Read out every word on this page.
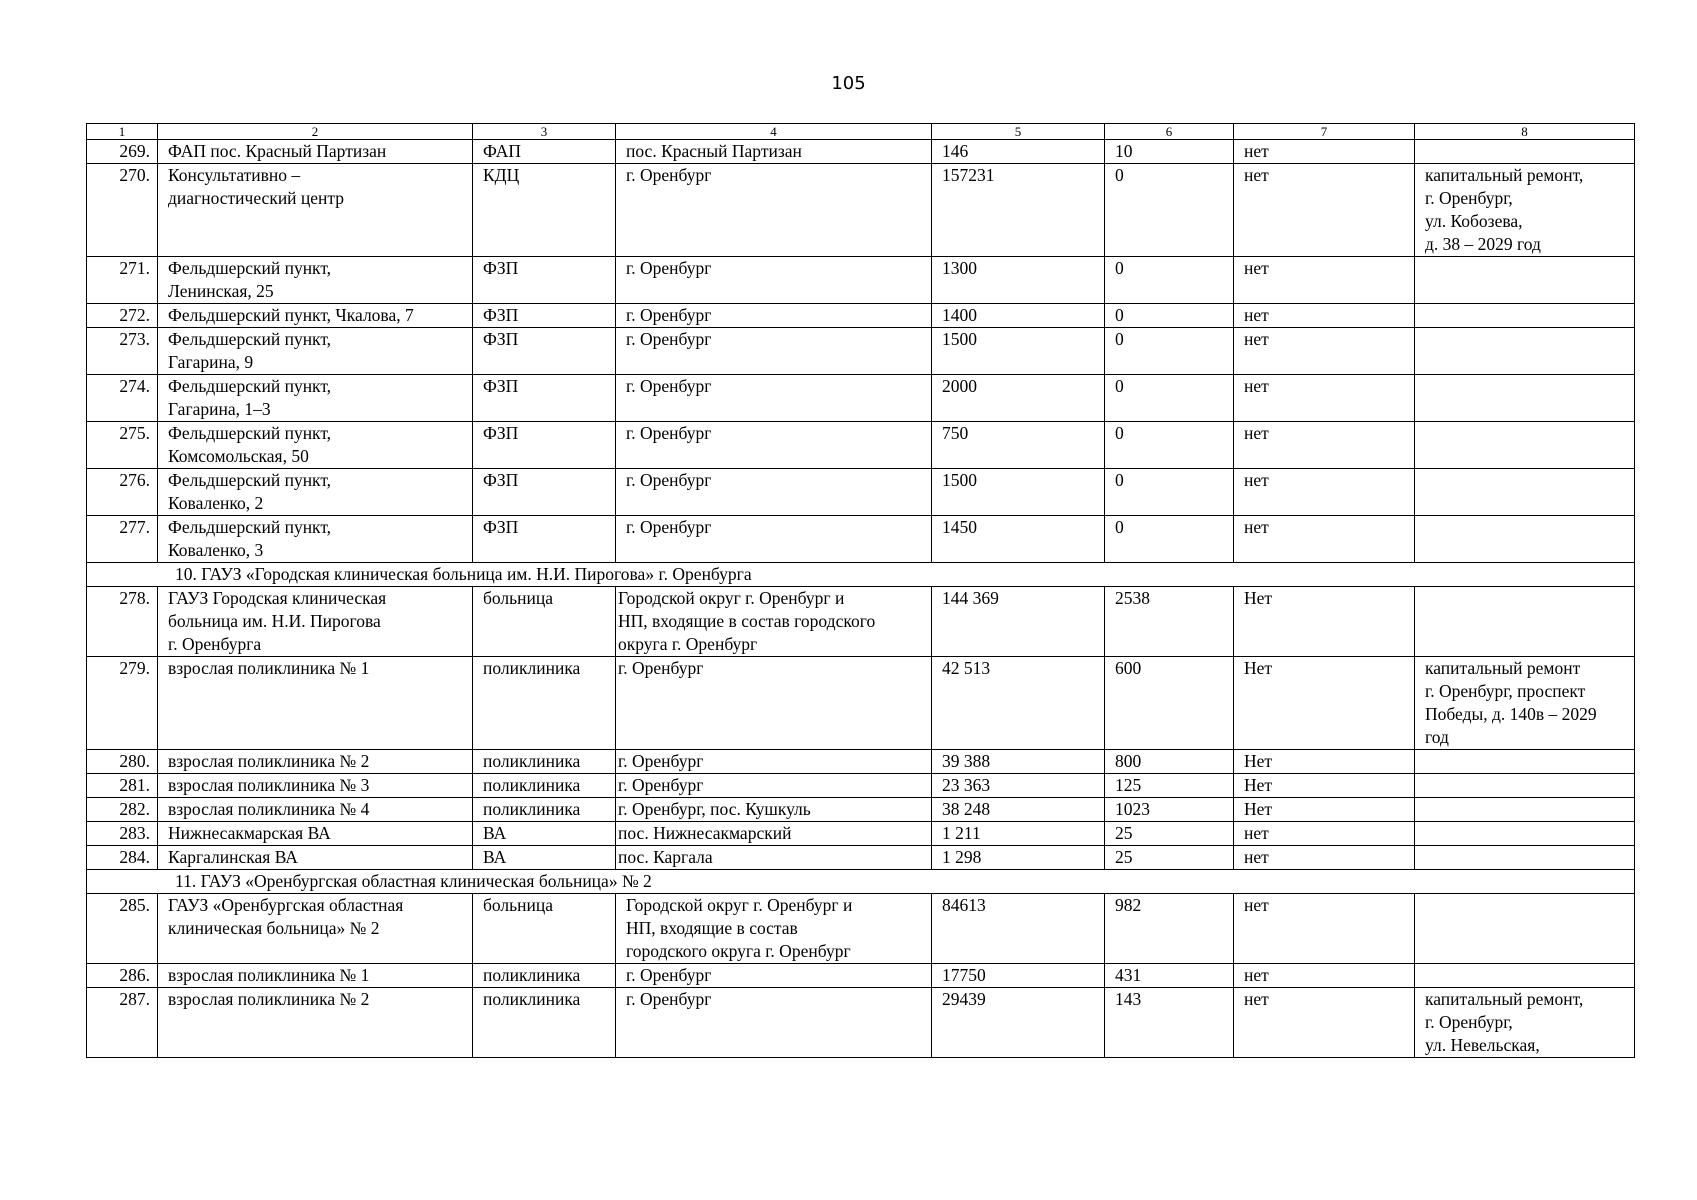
105
1	2	3	4	5	6	7	8
269.	ФАП пос. Красный Партизан	ФАП	пос. Красный Партизан	146	10	нет	
270.	Консультативно –
диагностический центр	КДЦ	г. Оренбург	157231	0	нет	капитальный ремонт,
г. Оренбург,
ул. Кобозева,
д. 38 – 2029 год
271.	Фельдшерский пункт,
Ленинская, 25	ФЗП	г. Оренбург	1300	0	нет	
272.	Фельдшерский пункт, Чкалова, 7	ФЗП	г. Оренбург	1400	0	нет	
273.	Фельдшерский пункт,
Гагарина, 9	ФЗП	г. Оренбург	1500	0	нет	
274.	Фельдшерский пункт,
Гагарина, 1–3	ФЗП	г. Оренбург	2000	0	нет	
275.	Фельдшерский пункт,
Комсомольская, 50	ФЗП	г. Оренбург	750	0	нет	
276.	Фельдшерский пункт,
Коваленко, 2	ФЗП	г. Оренбург	1500	0	нет	
277.	Фельдшерский пункт,
Коваленко, 3	ФЗП	г. Оренбург	1450	0	нет	
10. ГАУЗ «Городская клиническая больница им. Н.И. Пирогова» г. Оренбурга							
278.	ГАУЗ Городская клиническая
больница им. Н.И. Пирогова
г. Оренбурга	больница	Городской округ г. Оренбург и
НП, входящие в состав городского
округа г. Оренбург	144 369	2538	Нет	
279.	взрослая поликлиника № 1	поликлиника	г. Оренбург	42 513	600	Нет	капитальный ремонт
г. Оренбург, проспект
Победы, д. 140в – 2029
год
280.	взрослая поликлиника № 2	поликлиника	г. Оренбург	39 388	800	Нет	
281.	взрослая поликлиника № 3	поликлиника	г. Оренбург	23 363	125	Нет	
282.	взрослая поликлиника № 4	поликлиника	г. Оренбург, пос. Кушкуль	38 248	1023	Нет	
283.	Нижнесакмарская ВА	ВА	пос. Нижнесакмарский	1 211	25	нет	
284.	Каргалинская ВА	ВА	пос. Каргала	1 298	25	нет	
11. ГАУЗ «Оренбургская областная клиническая больница» № 2							
285.	ГАУЗ «Оренбургская областная
клиническая больница» № 2	больница	Городской округ г. Оренбург и
НП, входящие в состав
городского округа г. Оренбург	84613	982	нет	
286.	взрослая поликлиника № 1	поликлиника	г. Оренбург	17750	431	нет	
287.	взрослая поликлиника № 2	поликлиника	г. Оренбург	29439	143	нет	капитальный ремонт,
г. Оренбург,
ул. Невельская,
